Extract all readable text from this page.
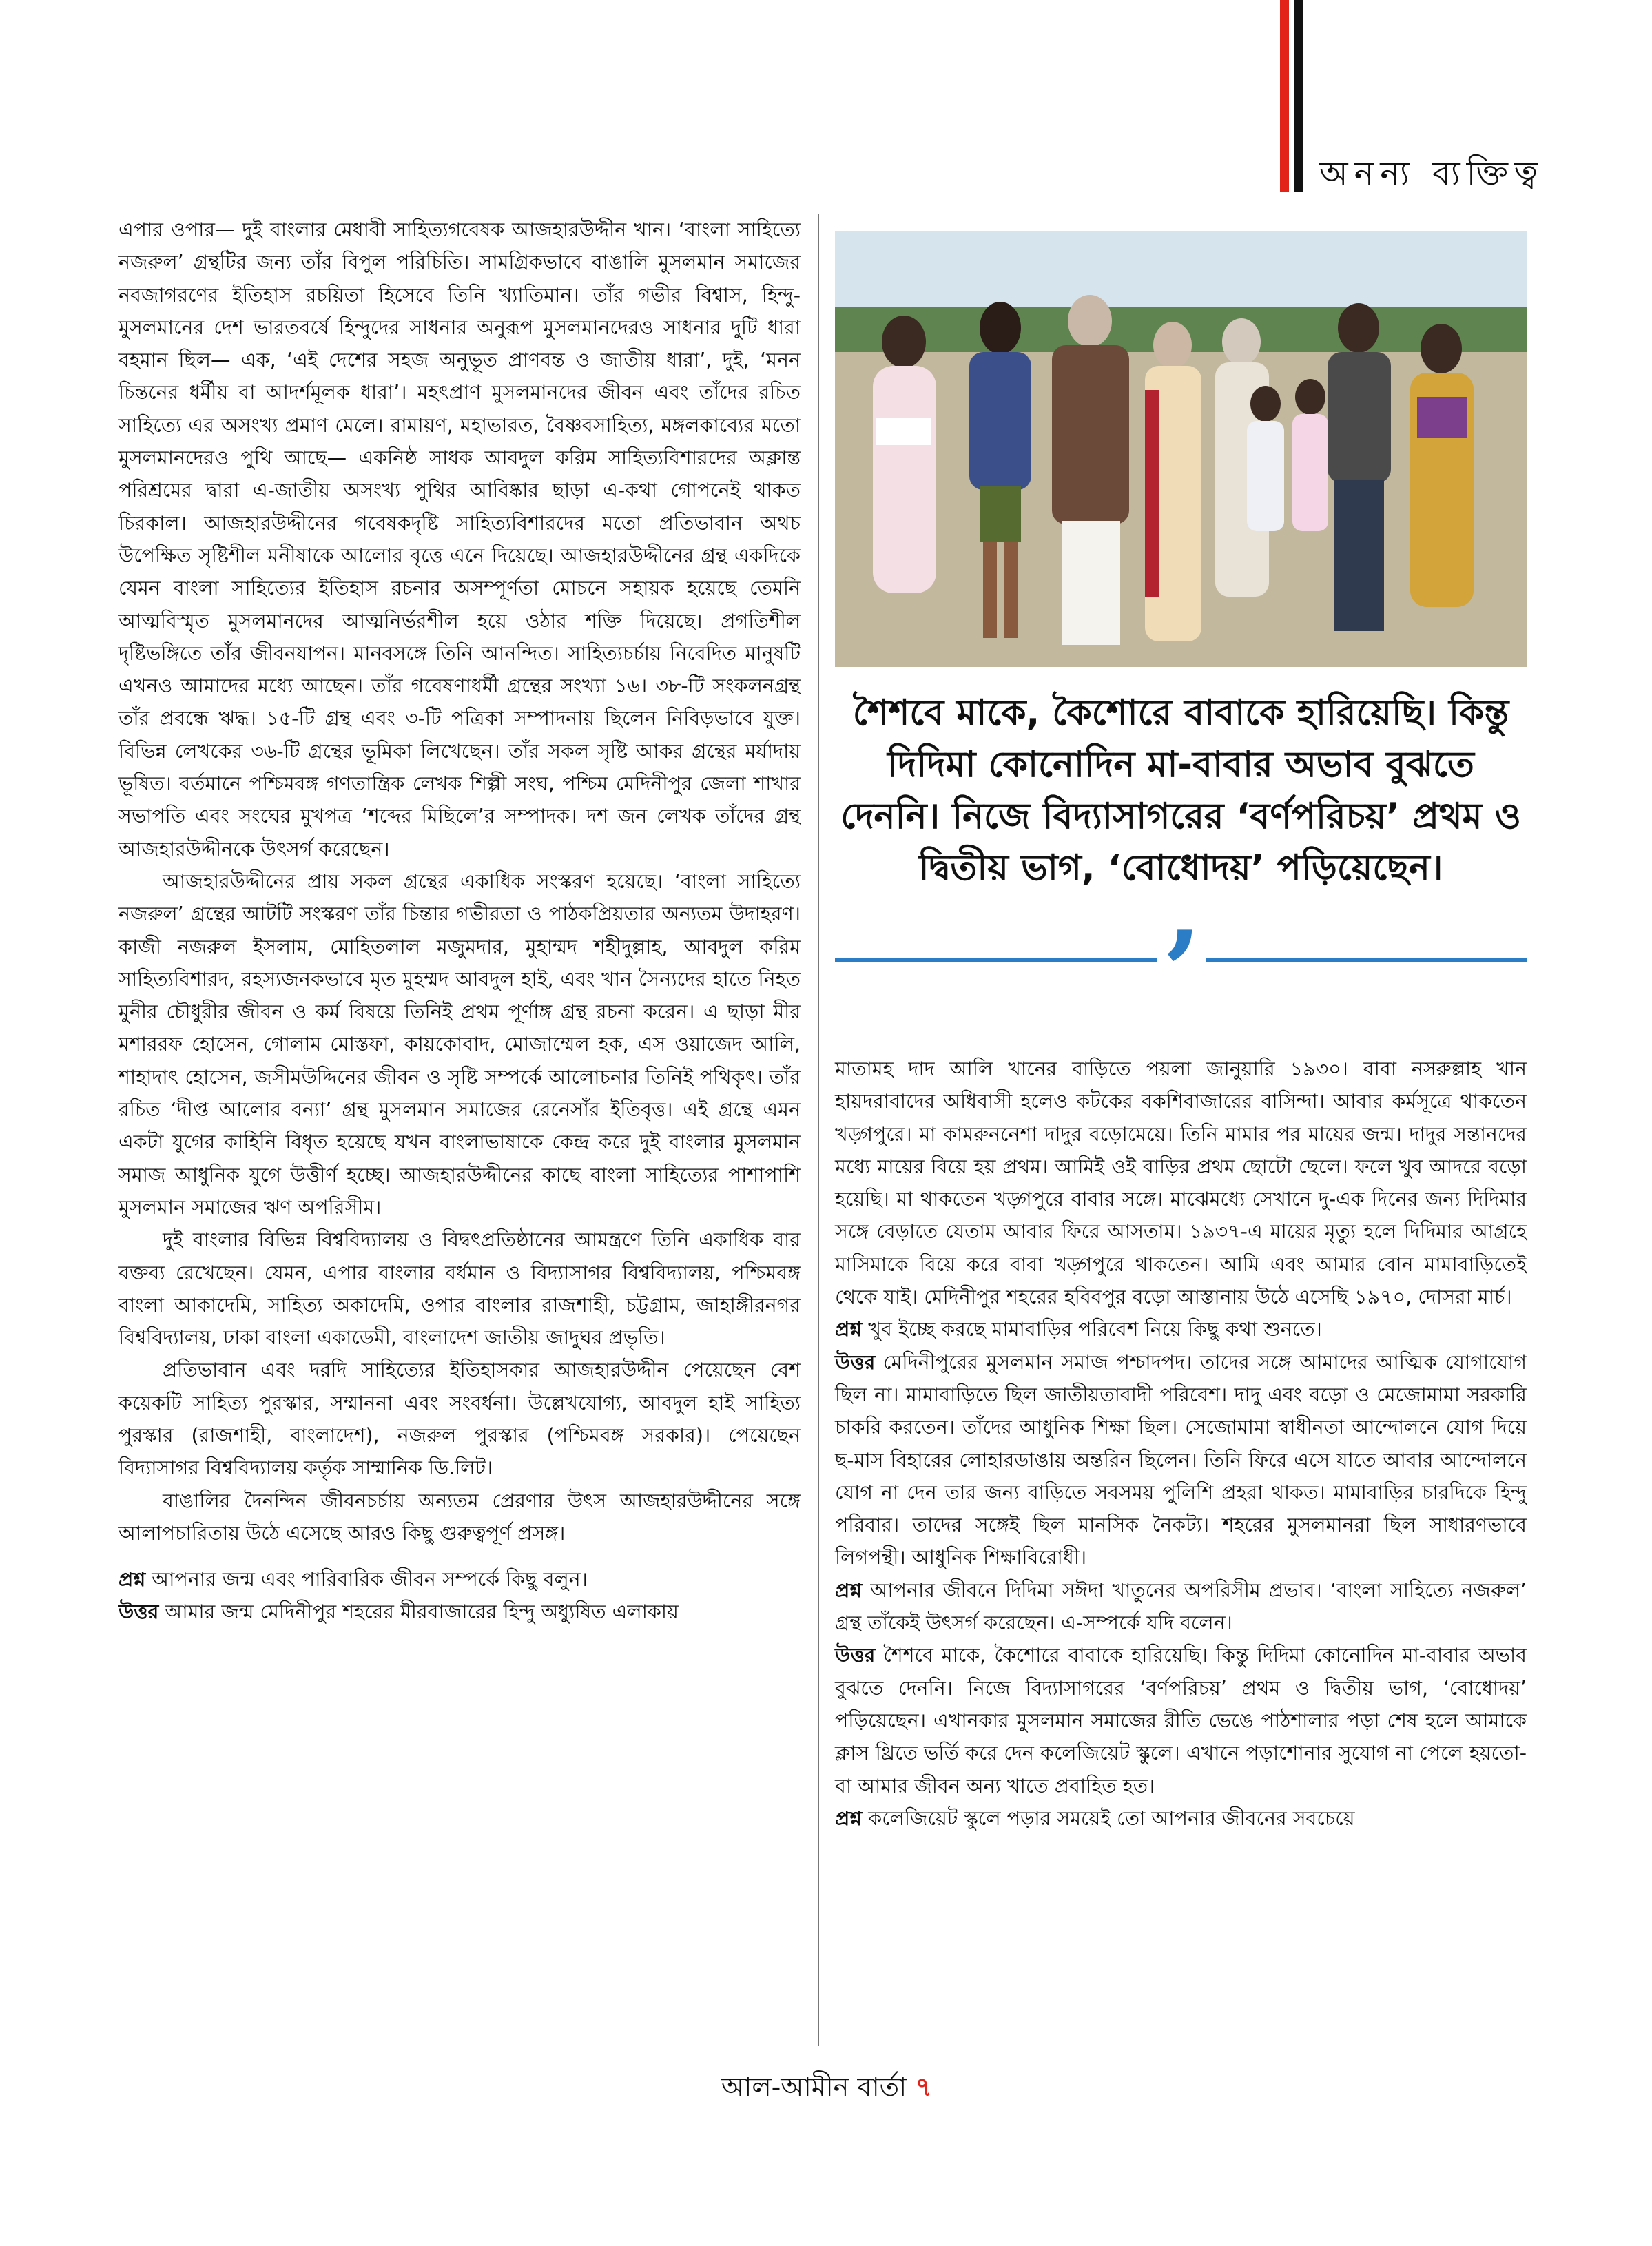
অনন্য ব্যক্তিত্ব

এপার ওপার— দুই বাংলার মেধাবী সাহিত্যগবেষক আজহারউদ্দীন খান। ‘বাংলা সাহিত্যে নজরুল’ গ্রন্থটির জন্য তাঁর বিপুল পরিচিতি। সামগ্রিকভাবে বাঙালি মুসলমান সমাজের নবজাগরণের ইতিহাস রচয়িতা হিসেবে তিনি খ্যাতিমান। তাঁর গভীর বিশ্বাস, হিন্দু-মুসলমানের দেশ ভারতবর্ষে হিন্দুদের সাধনার অনুরূপ মুসলমানদেরও সাধনার দুটি ধারা বহমান ছিল— এক, ‘এই দেশের সহজ অনুভূত প্রাণবন্ত ও জাতীয় ধারা’, দুই, ‘মনন চিন্তনের ধর্মীয় বা আদর্শমূলক ধারা’। মহৎপ্রাণ মুসলমানদের জীবন এবং তাঁদের রচিত সাহিত্যে এর অসংখ্য প্রমাণ মেলে। রামায়ণ, মহাভারত, বৈষ্ণবসাহিত্য, মঙ্গলকাব্যের মতো মুসলমানদেরও পুথি আছে— একনিষ্ঠ সাধক আবদুল করিম সাহিত্যবিশারদের অক্লান্ত পরিশ্রমের দ্বারা এ-জাতীয় অসংখ্য পুথির আবিষ্কার ছাড়া এ-কথা গোপনেই থাকত চিরকাল। আজহারউদ্দীনের গবেষকদৃষ্টি সাহিত্যবিশারদের মতো প্রতিভাবান অথচ উপেক্ষিত সৃষ্টিশীল মনীষাকে আলোর বৃত্তে এনে দিয়েছে। আজহারউদ্দীনের গ্রন্থ একদিকে যেমন বাংলা সাহিত্যের ইতিহাস রচনার অসম্পূর্ণতা মোচনে সহায়ক হয়েছে তেমনি আত্মবিস্মৃত মুসলমানদের আত্মনির্ভরশীল হয়ে ওঠার শক্তি দিয়েছে। প্রগতিশীল দৃষ্টিভঙ্গিতে তাঁর জীবনযাপন। মানবসঙ্গে তিনি আনন্দিত। সাহিত্যচর্চায় নিবেদিত মানুষটি এখনও আমাদের মধ্যে আছেন। তাঁর গবেষণাধর্মী গ্রন্থের সংখ্যা ১৬। ৩৮-টি সংকলনগ্রন্থ তাঁর প্রবন্ধে ঋদ্ধ। ১৫-টি গ্রন্থ এবং ৩-টি পত্রিকা সম্পাদনায় ছিলেন নিবিড়ভাবে যুক্ত। বিভিন্ন লেখকের ৩৬-টি গ্রন্থের ভূমিকা লিখেছেন। তাঁর সকল সৃষ্টি আকর গ্রন্থের মর্যাদায় ভূষিত। বর্তমানে পশ্চিমবঙ্গ গণতান্ত্রিক লেখক শিল্পী সংঘ, পশ্চিম মেদিনীপুর জেলা শাখার সভাপতি এবং সংঘের মুখপত্র ‘শব্দের মিছিলে’র সম্পাদক। দশ জন লেখক তাঁদের গ্রন্থ আজহারউদ্দীনকে উৎসর্গ করেছেন।

আজহারউদ্দীনের প্রায় সকল গ্রন্থের একাধিক সংস্করণ হয়েছে। ‘বাংলা সাহিত্যে নজরুল’ গ্রন্থের আটটি সংস্করণ তাঁর চিন্তার গভীরতা ও পাঠকপ্রিয়তার অন্যতম উদাহরণ। কাজী নজরুল ইসলাম, মোহিতলাল মজুমদার, মুহাম্মদ শহীদুল্লাহ, আবদুল করিম সাহিত্যবিশারদ, রহস্যজনকভাবে মৃত মুহম্মদ আবদুল হাই, এবং খান সৈন্যদের হাতে নিহত মুনীর চৌধুরীর জীবন ও কর্ম বিষয়ে তিনিই প্রথম পূর্ণাঙ্গ গ্রন্থ রচনা করেন। এ ছাড়া মীর মশাররফ হোসেন, গোলাম মোস্তফা, কায়কোবাদ, মোজাম্মেল হক, এস ওয়াজেদ আলি, শাহাদাৎ হোসেন, জসীমউদ্দিনের জীবন ও সৃষ্টি সম্পর্কে আলোচনার তিনিই পথিকৃৎ। তাঁর রচিত ‘দীপ্ত আলোর বন্যা’ গ্রন্থ মুসলমান সমাজের রেনেসাঁর ইতিবৃত্ত। এই গ্রন্থে এমন একটা যুগের কাহিনি বিধৃত হয়েছে যখন বাংলাভাষাকে কেন্দ্র করে দুই বাংলার মুসলমান সমাজ আধুনিক যুগে উত্তীর্ণ হচ্ছে। আজহারউদ্দীনের কাছে বাংলা সাহিত্যের পাশাপাশি মুসলমান সমাজের ঋণ অপরিসীম।

দুই বাংলার বিভিন্ন বিশ্ববিদ্যালয় ও বিদ্বৎপ্রতিষ্ঠানের আমন্ত্রণে তিনি একাধিক বার বক্তব্য রেখেছেন। যেমন, এপার বাংলার বর্ধমান ও বিদ্যাসাগর বিশ্ববিদ্যালয়, পশ্চিমবঙ্গ বাংলা আকাদেমি, সাহিত্য অকাদেমি, ওপার বাংলার রাজশাহী, চট্টগ্রাম, জাহাঙ্গীরনগর বিশ্ববিদ্যালয়, ঢাকা বাংলা একাডেমী, বাংলাদেশ জাতীয় জাদুঘর প্রভৃতি।

প্রতিভাবান এবং দরদি সাহিত্যের ইতিহাসকার আজহারউদ্দীন পেয়েছেন বেশ কয়েকটি সাহিত্য পুরস্কার, সম্মাননা এবং সংবর্ধনা। উল্লেখযোগ্য, আবদুল হাই সাহিত্য পুরস্কার (রাজশাহী, বাংলাদেশ), নজরুল পুরস্কার (পশ্চিমবঙ্গ সরকার)। পেয়েছেন বিদ্যাসাগর বিশ্ববিদ্যালয় কর্তৃক সাম্মানিক ডি.লিট।

বাঙালির দৈনন্দিন জীবনচর্চায় অন্যতম প্রেরণার উৎস আজহারউদ্দীনের সঙ্গে আলাপচারিতায় উঠে এসেছে আরও কিছু গুরুত্বপূর্ণ প্রসঙ্গ।

প্রশ্ন আপনার জন্ম এবং পারিবারিক জীবন সম্পর্কে কিছু বলুন।

উত্তর আমার জন্ম মেদিনীপুর শহরের মীরবাজারের হিন্দু অধ্যুষিত এলাকায়

শৈশবে মাকে, কৈশোরে বাবাকে হারিয়েছি। কিন্তু দিদিমা কোনোদিন মা-বাবার অভাব বুঝতে দেননি। নিজে বিদ্যাসাগরের ‘বর্ণপরিচয়’ প্রথম ও দ্বিতীয় ভাগ, ‘বোধোদয়’ পড়িয়েছেন।
’

মাতামহ দাদ আলি খানের বাড়িতে পয়লা জানুয়ারি ১৯৩০। বাবা নসরুল্লাহ খান হায়দরাবাদের অধিবাসী হলেও কটকের বকশিবাজারের বাসিন্দা। আবার কর্মসূত্রে থাকতেন খড়্গপুরে। মা কামরুননেশা দাদুর বড়োমেয়ে। তিনি মামার পর মায়ের জন্ম। দাদুর সন্তানদের মধ্যে মায়ের বিয়ে হয় প্রথম। আমিই ওই বাড়ির প্রথম ছোটো ছেলে। ফলে খুব আদরে বড়ো হয়েছি। মা থাকতেন খড়্গপুরে বাবার সঙ্গে। মাঝেমধ্যে সেখানে দু-এক দিনের জন্য দিদিমার সঙ্গে বেড়াতে যেতাম আবার ফিরে আসতাম। ১৯৩৭-এ মায়ের মৃত্যু হলে দিদিমার আগ্রহে মাসিমাকে বিয়ে করে বাবা খড়্গপুরে থাকতেন। আমি এবং আমার বোন মামাবাড়িতেই থেকে যাই। মেদিনীপুর শহরের হবিবপুর বড়ো আস্তানায় উঠে এসেছি ১৯৭০, দোসরা মার্চ।

প্রশ্ন খুব ইচ্ছে করছে মামাবাড়ির পরিবেশ নিয়ে কিছু কথা শুনতে।

উত্তর মেদিনীপুরের মুসলমান সমাজ পশ্চাদপদ। তাদের সঙ্গে আমাদের আত্মিক যোগাযোগ ছিল না। মামাবাড়িতে ছিল জাতীয়তাবাদী পরিবেশ। দাদু এবং বড়ো ও মেজোমামা সরকারি চাকরি করতেন। তাঁদের আধুনিক শিক্ষা ছিল। সেজোমামা স্বাধীনতা আন্দোলনে যোগ দিয়ে ছ-মাস বিহারের লোহারডাঙায় অন্তরিন ছিলেন। তিনি ফিরে এসে যাতে আবার আন্দোলনে যোগ না দেন তার জন্য বাড়িতে সবসময় পুলিশি প্রহরা থাকত। মামাবাড়ির চারদিকে হিন্দু পরিবার। তাদের সঙ্গেই ছিল মানসিক নৈকট্য। শহরের মুসলমানরা ছিল সাধারণভাবে লিগপন্থী। আধুনিক শিক্ষাবিরোধী।

প্রশ্ন আপনার জীবনে দিদিমা সঈদা খাতুনের অপরিসীম প্রভাব। ‘বাংলা সাহিত্যে নজরুল’ গ্রন্থ তাঁকেই উৎসর্গ করেছেন। এ-সম্পর্কে যদি বলেন।

উত্তর শৈশবে মাকে, কৈশোরে বাবাকে হারিয়েছি। কিন্তু দিদিমা কোনোদিন মা-বাবার অভাব বুঝতে দেননি। নিজে বিদ্যাসাগরের ‘বর্ণপরিচয়’ প্রথম ও দ্বিতীয় ভাগ, ‘বোধোদয়’ পড়িয়েছেন। এখানকার মুসলমান সমাজের রীতি ভেঙে পাঠশালার পড়া শেষ হলে আমাকে ক্লাস থ্রিতে ভর্তি করে দেন কলেজিয়েট স্কুলে। এখানে পড়াশোনার সুযোগ না পেলে হয়তো-বা আমার জীবন অন্য খাতে প্রবাহিত হত।

প্রশ্ন কলেজিয়েট স্কুলে পড়ার সময়েই তো আপনার জীবনের সবচেয়ে

আল-আমীন বার্তা ৭
